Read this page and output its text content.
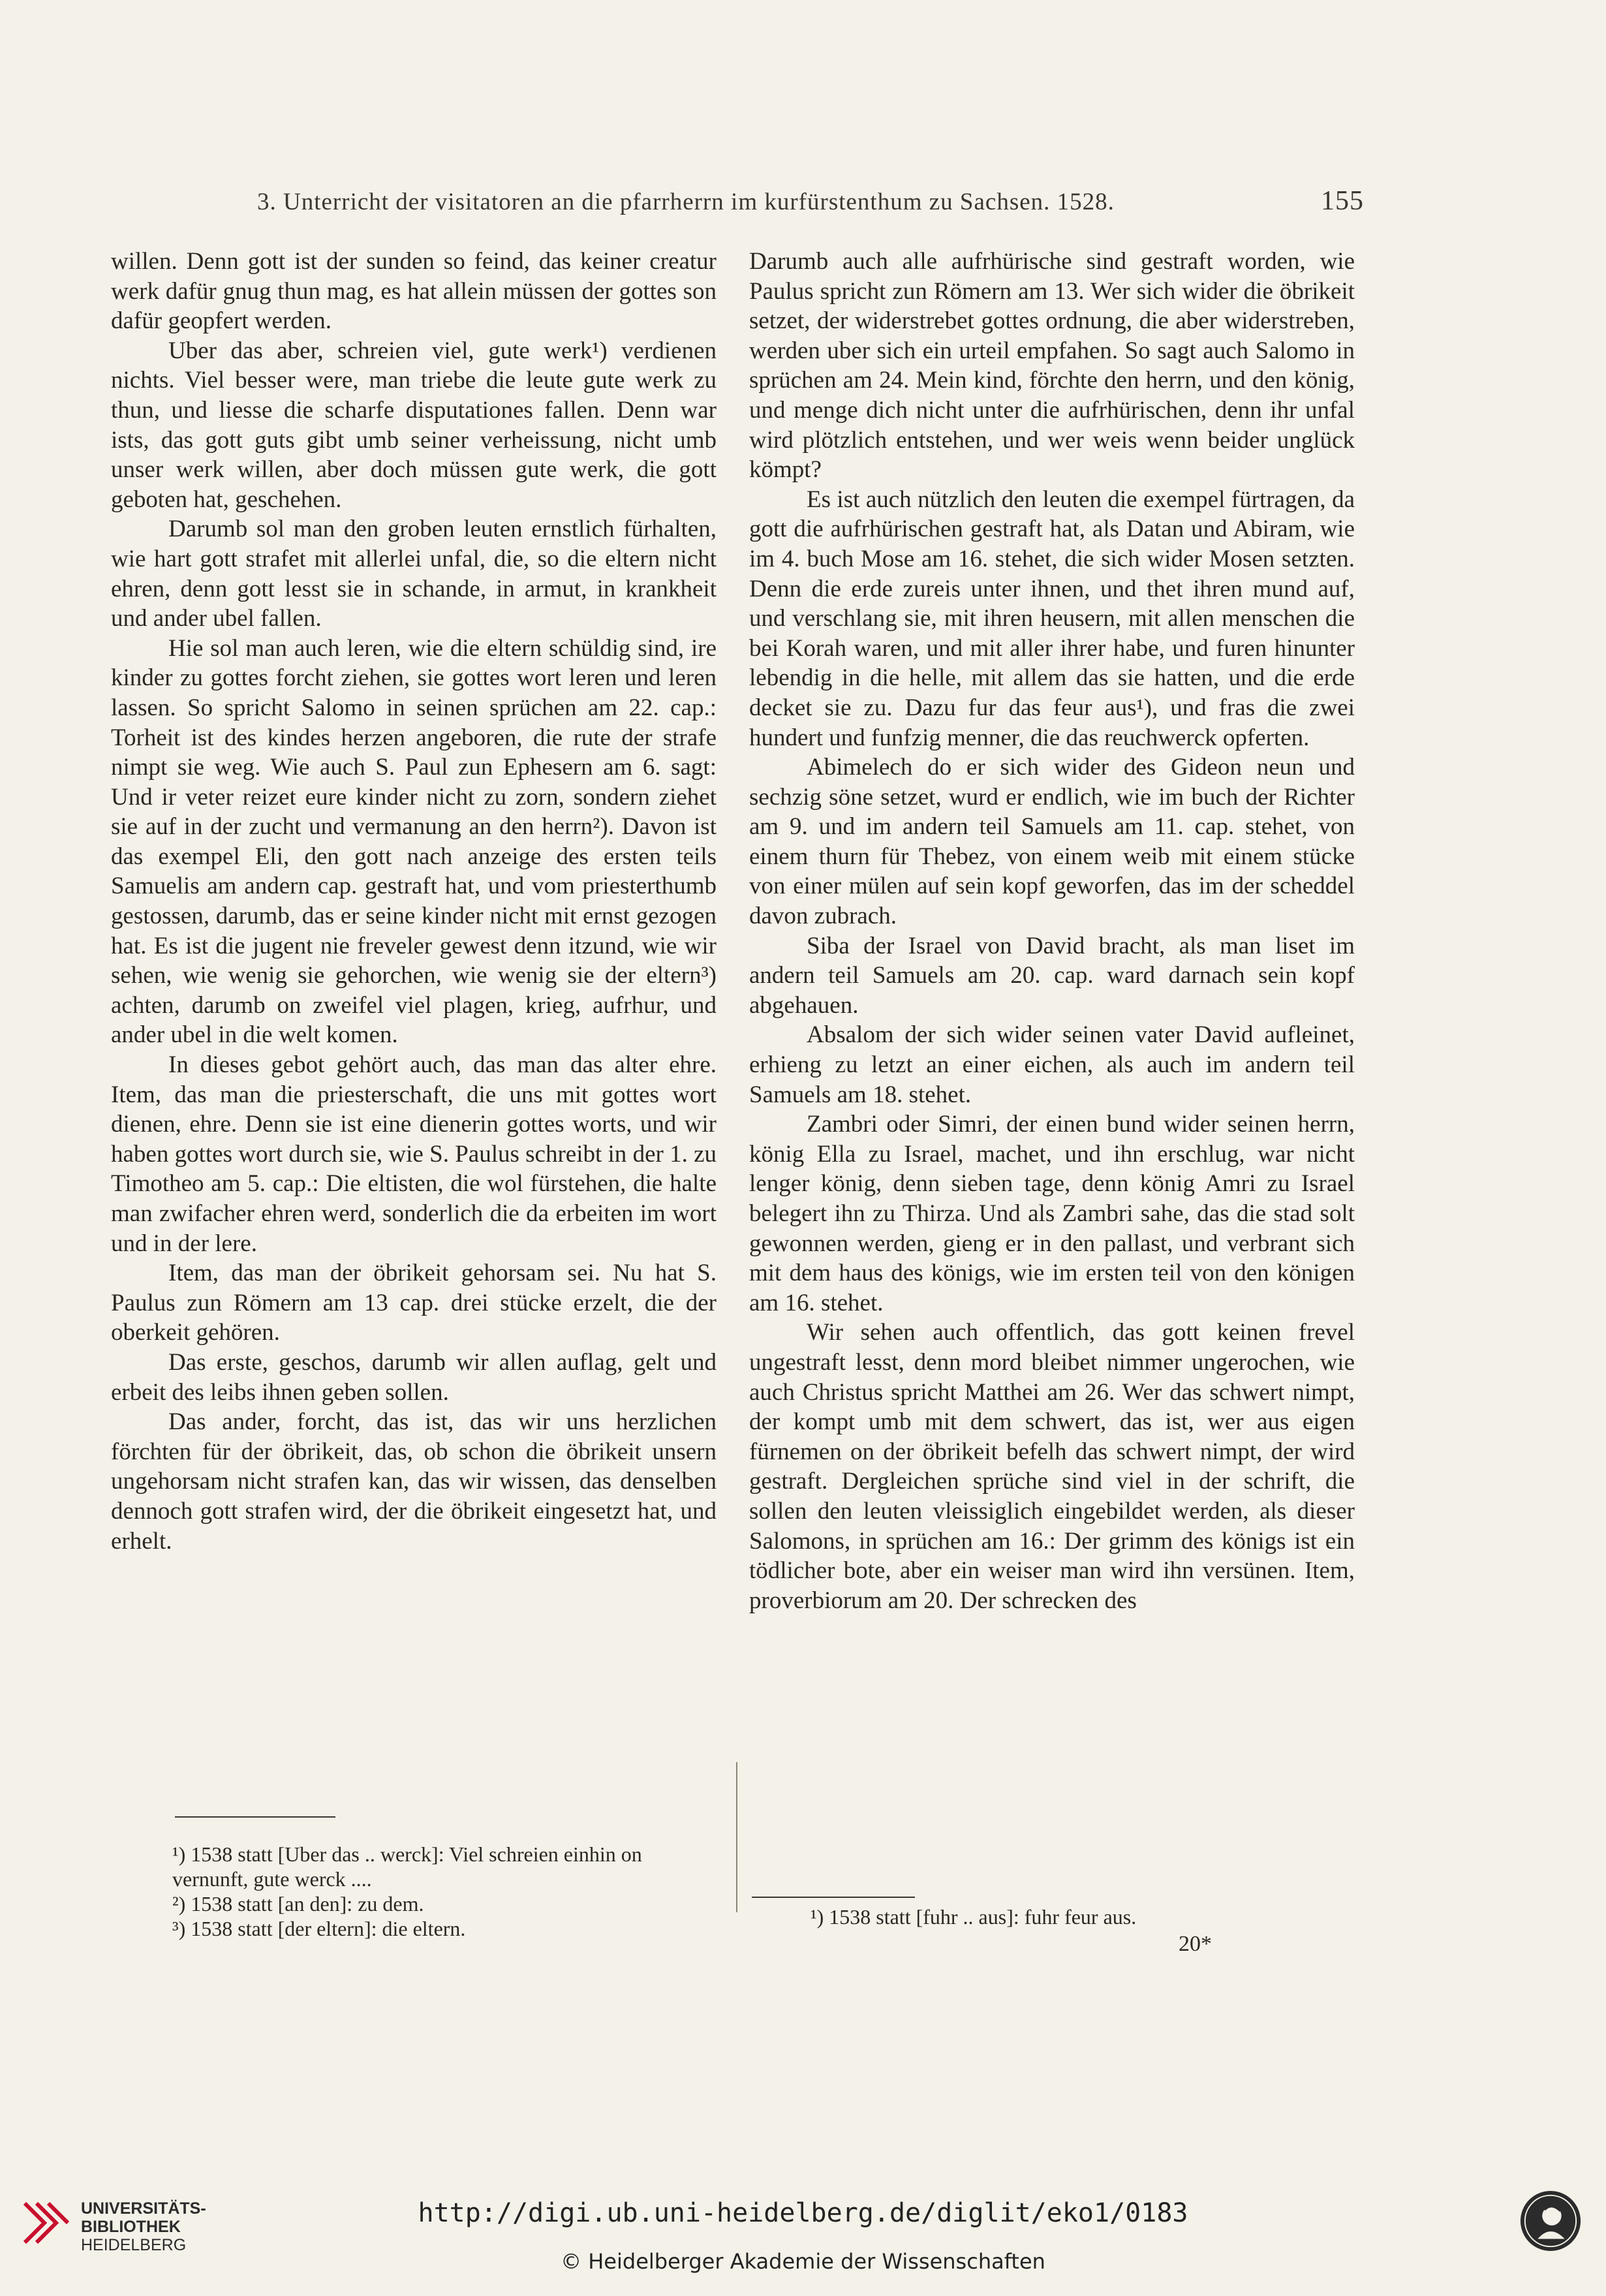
3. Unterricht der visitatoren an die pfarrherrn im kurfürstenthum zu Sachsen. 1528.	155

willen. Denn gott ist der sunden so feind, das keiner creatur werk dafür gnug thun mag, es hat allein müssen der gottes son dafür geopfert werden.

Uber das aber, schreien viel, gute werk¹) verdienen nichts. Viel besser were, man triebe die leute gute werk zu thun, und liesse die scharfe disputationes fallen. Denn war ists, das gott guts gibt umb seiner verheissung, nicht umb unser werk willen, aber doch müssen gute werk, die gott geboten hat, geschehen.

Darumb sol man den groben leuten ernstlich fürhalten, wie hart gott strafet mit allerlei unfal, die, so die eltern nicht ehren, denn gott lesst sie in schande, in armut, in krankheit und ander ubel fallen.

Hie sol man auch leren, wie die eltern schüldig sind, ire kinder zu gottes forcht ziehen, sie gottes wort leren und leren lassen. So spricht Salomo in seinen sprüchen am 22. cap.: Torheit ist des kindes herzen angeboren, die rute der strafe nimpt sie weg. Wie auch S. Paul zun Ephesern am 6. sagt: Und ir veter reizet eure kinder nicht zu zorn, sondern ziehet sie auf in der zucht und vermanung an den herrn²). Davon ist das exempel Eli, den gott nach anzeige des ersten teils Samuelis am andern cap. gestraft hat, und vom priesterthumb gestossen, darumb, das er seine kinder nicht mit ernst gezogen hat. Es ist die jugent nie freveler gewest denn itzund, wie wir sehen, wie wenig sie gehorchen, wie wenig sie der eltern³) achten, darumb on zweifel viel plagen, krieg, aufrhur, und ander ubel in die welt komen.

In dieses gebot gehört auch, das man das alter ehre. Item, das man die priesterschaft, die uns mit gottes wort dienen, ehre. Denn sie ist eine dienerin gottes worts, und wir haben gottes wort durch sie, wie S. Paulus schreibt in der 1. zu Timotheo am 5. cap.: Die eltisten, die wol fürstehen, die halte man zwifacher ehren werd, sonderlich die da erbeiten im wort und in der lere.

Item, das man der öbrikeit gehorsam sei. Nu hat S. Paulus zun Römern am 13 cap. drei stücke erzelt, die der oberkeit gehören.

Das erste, geschos, darumb wir allen auflag, gelt und erbeit des leibs ihnen geben sollen.

Das ander, forcht, das ist, das wir uns herzlichen förchten für der öbrikeit, das, ob schon die öbrikeit unsern ungehorsam nicht strafen kan, das wir wissen, das denselben dennoch gott strafen wird, der die öbrikeit eingesetzt hat, und erhelt.

Darumb auch alle aufrhürische sind gestraft worden, wie Paulus spricht zun Römern am 13. Wer sich wider die öbrikeit setzet, der widerstrebet gottes ordnung, die aber widerstreben, werden uber sich ein urteil empfahen. So sagt auch Salomo in sprüchen am 24. Mein kind, förchte den herrn, und den könig, und menge dich nicht unter die aufrhürischen, denn ihr unfal wird plötzlich entstehen, und wer weis wenn beider unglück kömpt?

Es ist auch nützlich den leuten die exempel fürtragen, da gott die aufrhürischen gestraft hat, als Datan und Abiram, wie im 4. buch Mose am 16. stehet, die sich wider Mosen setzten. Denn die erde zureis unter ihnen, und thet ihren mund auf, und verschlang sie, mit ihren heusern, mit allen menschen die bei Korah waren, und mit aller ihrer habe, und furen hinunter lebendig in die helle, mit allem das sie hatten, und die erde decket sie zu. Dazu fur das feur aus¹), und fras die zwei hundert und funfzig menner, die das reuchwerck opferten.

Abimelech do er sich wider des Gideon neun und sechzig söne setzet, wurd er endlich, wie im buch der Richter am 9. und im andern teil Samuels am 11. cap. stehet, von einem thurn für Thebez, von einem weib mit einem stücke von einer mülen auf sein kopf geworfen, das im der scheddel davon zubrach.

Siba der Israel von David bracht, als man liset im andern teil Samuels am 20. cap. ward darnach sein kopf abgehauen.

Absalom der sich wider seinen vater David aufleinet, erhieng zu letzt an einer eichen, als auch im andern teil Samuels am 18. stehet.

Zambri oder Simri, der einen bund wider seinen herrn, könig Ella zu Israel, machet, und ihn erschlug, war nicht lenger könig, denn sieben tage, denn könig Amri zu Israel belegert ihn zu Thirza. Und als Zambri sahe, das die stad solt gewonnen werden, gieng er in den pallast, und verbrant sich mit dem haus des königs, wie im ersten teil von den königen am 16. stehet.

Wir sehen auch offentlich, das gott keinen frevel ungestraft lesst, denn mord bleibet nimmer ungerochen, wie auch Christus spricht Matthei am 26. Wer das schwert nimpt, der kompt umb mit dem schwert, das ist, wer aus eigen fürnemen on der öbrikeit befelh das schwert nimpt, der wird gestraft. Dergleichen sprüche sind viel in der schrift, die sollen den leuten vleissiglich eingebildet werden, als dieser Salomons, in sprüchen am 16.: Der grimm des königs ist ein tödlicher bote, aber ein weiser man wird ihn versünen. Item, proverbiorum am 20. Der schrecken des

¹) 1538 statt [Uber das .. werck]: Viel schreien einhin on vernunft, gute werck ....
²) 1538 statt [an den]: zu dem.
³) 1538 statt [der eltern]: die eltern.	¹) 1538 statt [fuhr .. aus]: fuhr feur aus.
20*
UNIVERSITÄTS-
BIBLIOTHEK
HEIDELBERG
http://digi.ub.uni-heidelberg.de/diglit/eko1/0183
© Heidelberger Akademie der Wissenschaften
